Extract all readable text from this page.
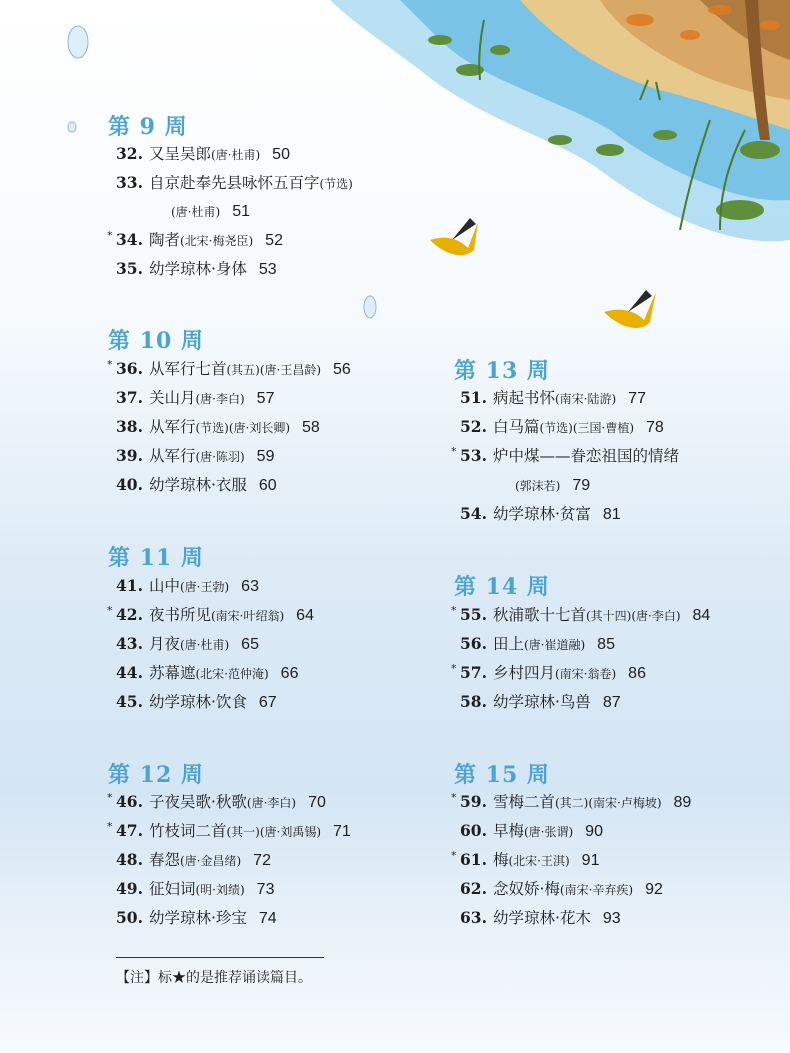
第 9 周
32. 又呈吴郎(唐·杜甫) 50
33. 自京赴奉先县咏怀五百字(节选)
(唐·杜甫) 51
* 34. 陶者(北宋·梅尧臣) 52
35. 幼学琼林·身体 53
第 10 周
* 36. 从军行七首(其五)(唐·王昌龄) 56
37. 关山月(唐·李白) 57
38. 从军行(节选)(唐·刘长卿) 58
39. 从军行(唐·陈羽) 59
40. 幼学琼林·衣服 60
第 11 周
41. 山中(唐·王勃) 63
* 42. 夜书所见(南宋·叶绍翁) 64
43. 月夜(唐·杜甫) 65
44. 苏幕遮(北宋·范仲淹) 66
45. 幼学琼林·饮食 67
第 12 周
* 46. 子夜吴歌·秋歌(唐·李白) 70
* 47. 竹枝词二首(其一)(唐·刘禹锡) 71
48. 春怨(唐·金昌绪) 72
49. 征妇词(明·刘绩) 73
50. 幼学琼林·珍宝 74
第 13 周
51. 病起书怀(南宋·陆游) 77
52. 白马篇(节选)(三国·曹植) 78
* 53. 炉中煤——眷恋祖国的情绪
(郭沫若) 79
54. 幼学琼林·贫富 81
第 14 周
* 55. 秋浦歌十七首(其十四)(唐·李白) 84
56. 田上(唐·崔道融) 85
* 57. 乡村四月(南宋·翁卷) 86
58. 幼学琼林·鸟兽 87
第 15 周
* 59. 雪梅二首(其二)(南宋·卢梅坡) 89
60. 早梅(唐·张谓) 90
* 61. 梅(北宋·王淇) 91
62. 念奴娇·梅(南宋·辛弃疾) 92
63. 幼学琼林·花木 93
【注】标★的是推荐诵读篇目。
